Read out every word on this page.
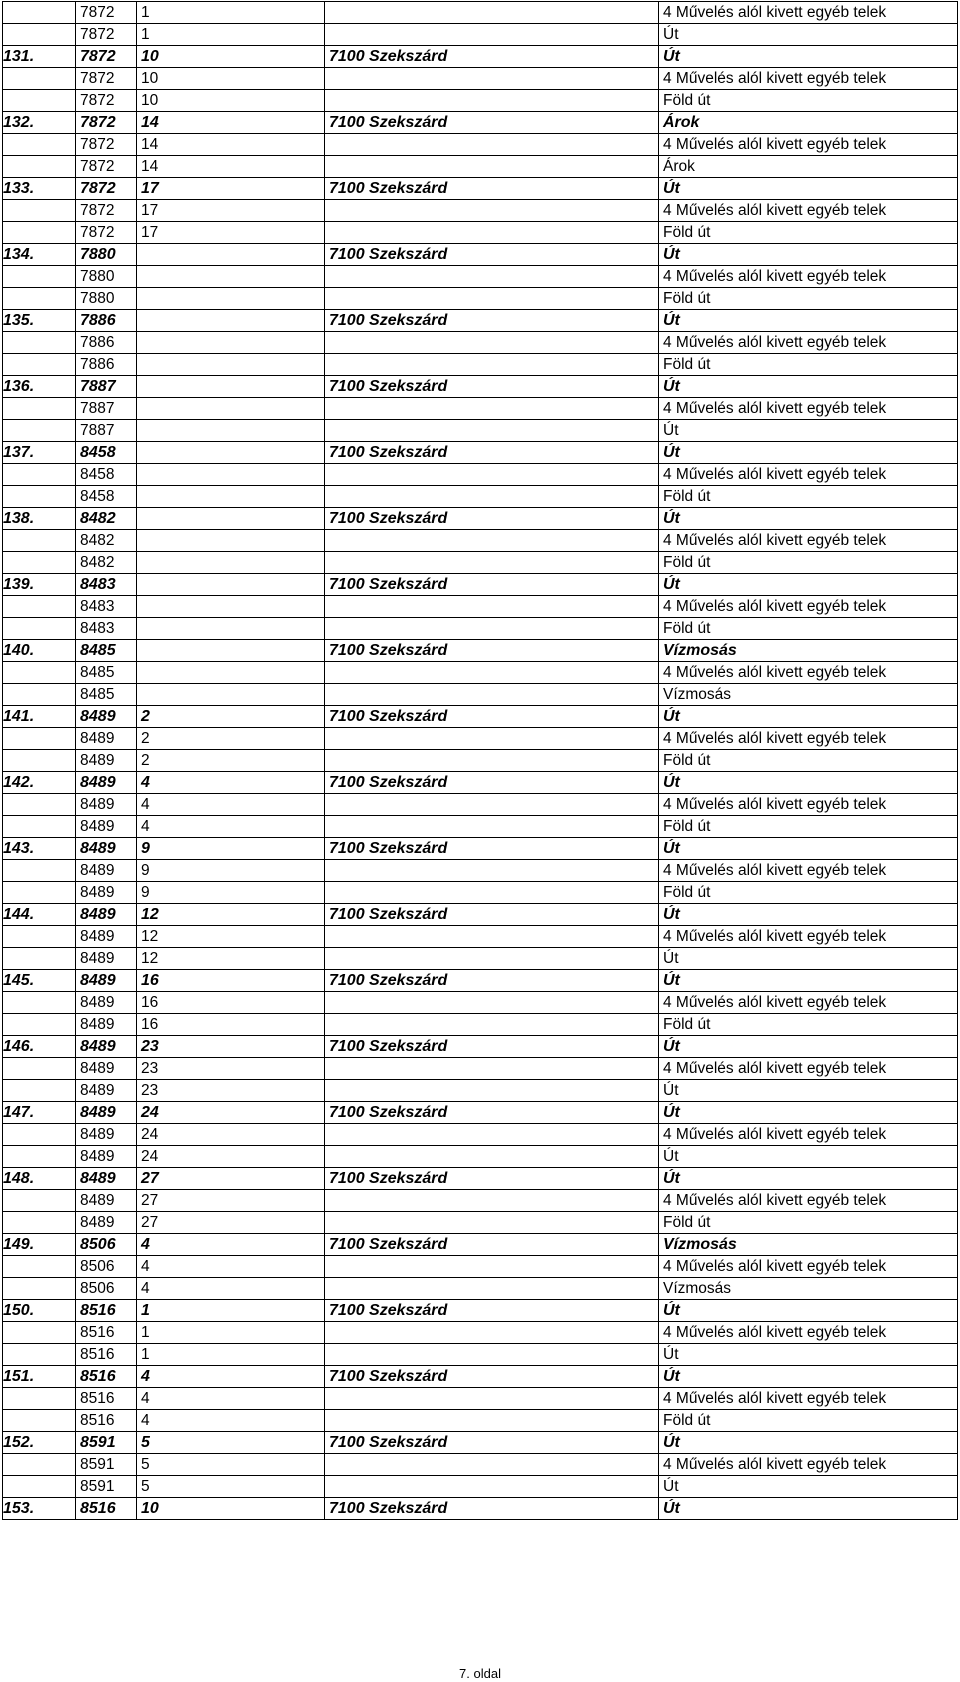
	7872	1		4 Művelés alól kivett egyéb telek
	7872	1		Út
131.	7872	10	7100 Szekszárd	Út
	7872	10		4 Művelés alól kivett egyéb telek
	7872	10		Föld út
132.	7872	14	7100 Szekszárd	Árok
	7872	14		4 Művelés alól kivett egyéb telek
	7872	14		Árok
133.	7872	17	7100 Szekszárd	Út
	7872	17		4 Művelés alól kivett egyéb telek
	7872	17		Föld út
134.	7880		7100 Szekszárd	Út
	7880			4 Művelés alól kivett egyéb telek
	7880			Föld út
135.	7886		7100 Szekszárd	Út
	7886			4 Művelés alól kivett egyéb telek
	7886			Föld út
136.	7887		7100 Szekszárd	Út
	7887			4 Művelés alól kivett egyéb telek
	7887			Út
137.	8458		7100 Szekszárd	Út
	8458			4 Művelés alól kivett egyéb telek
	8458			Föld út
138.	8482		7100 Szekszárd	Út
	8482			4 Művelés alól kivett egyéb telek
	8482			Föld út
139.	8483		7100 Szekszárd	Út
	8483			4 Művelés alól kivett egyéb telek
	8483			Föld út
140.	8485		7100 Szekszárd	Vízmosás
	8485			4 Művelés alól kivett egyéb telek
	8485			Vízmosás
141.	8489	2	7100 Szekszárd	Út
	8489	2		4 Művelés alól kivett egyéb telek
	8489	2		Föld út
142.	8489	4	7100 Szekszárd	Út
	8489	4		4 Művelés alól kivett egyéb telek
	8489	4		Föld út
143.	8489	9	7100 Szekszárd	Út
	8489	9		4 Művelés alól kivett egyéb telek
	8489	9		Föld út
144.	8489	12	7100 Szekszárd	Út
	8489	12		4 Művelés alól kivett egyéb telek
	8489	12		Út
145.	8489	16	7100 Szekszárd	Út
	8489	16		4 Művelés alól kivett egyéb telek
	8489	16		Föld út
146.	8489	23	7100 Szekszárd	Út
	8489	23		4 Művelés alól kivett egyéb telek
	8489	23		Út
147.	8489	24	7100 Szekszárd	Út
	8489	24		4 Művelés alól kivett egyéb telek
	8489	24		Út
148.	8489	27	7100 Szekszárd	Út
	8489	27		4 Művelés alól kivett egyéb telek
	8489	27		Föld út
149.	8506	4	7100 Szekszárd	Vízmosás
	8506	4		4 Művelés alól kivett egyéb telek
	8506	4		Vízmosás
150.	8516	1	7100 Szekszárd	Út
	8516	1		4 Művelés alól kivett egyéb telek
	8516	1		Út
151.	8516	4	7100 Szekszárd	Út
	8516	4		4 Művelés alól kivett egyéb telek
	8516	4		Föld út
152.	8591	5	7100 Szekszárd	Út
	8591	5		4 Művelés alól kivett egyéb telek
	8591	5		Út
153.	8516	10	7100 Szekszárd	Út
7. oldal
